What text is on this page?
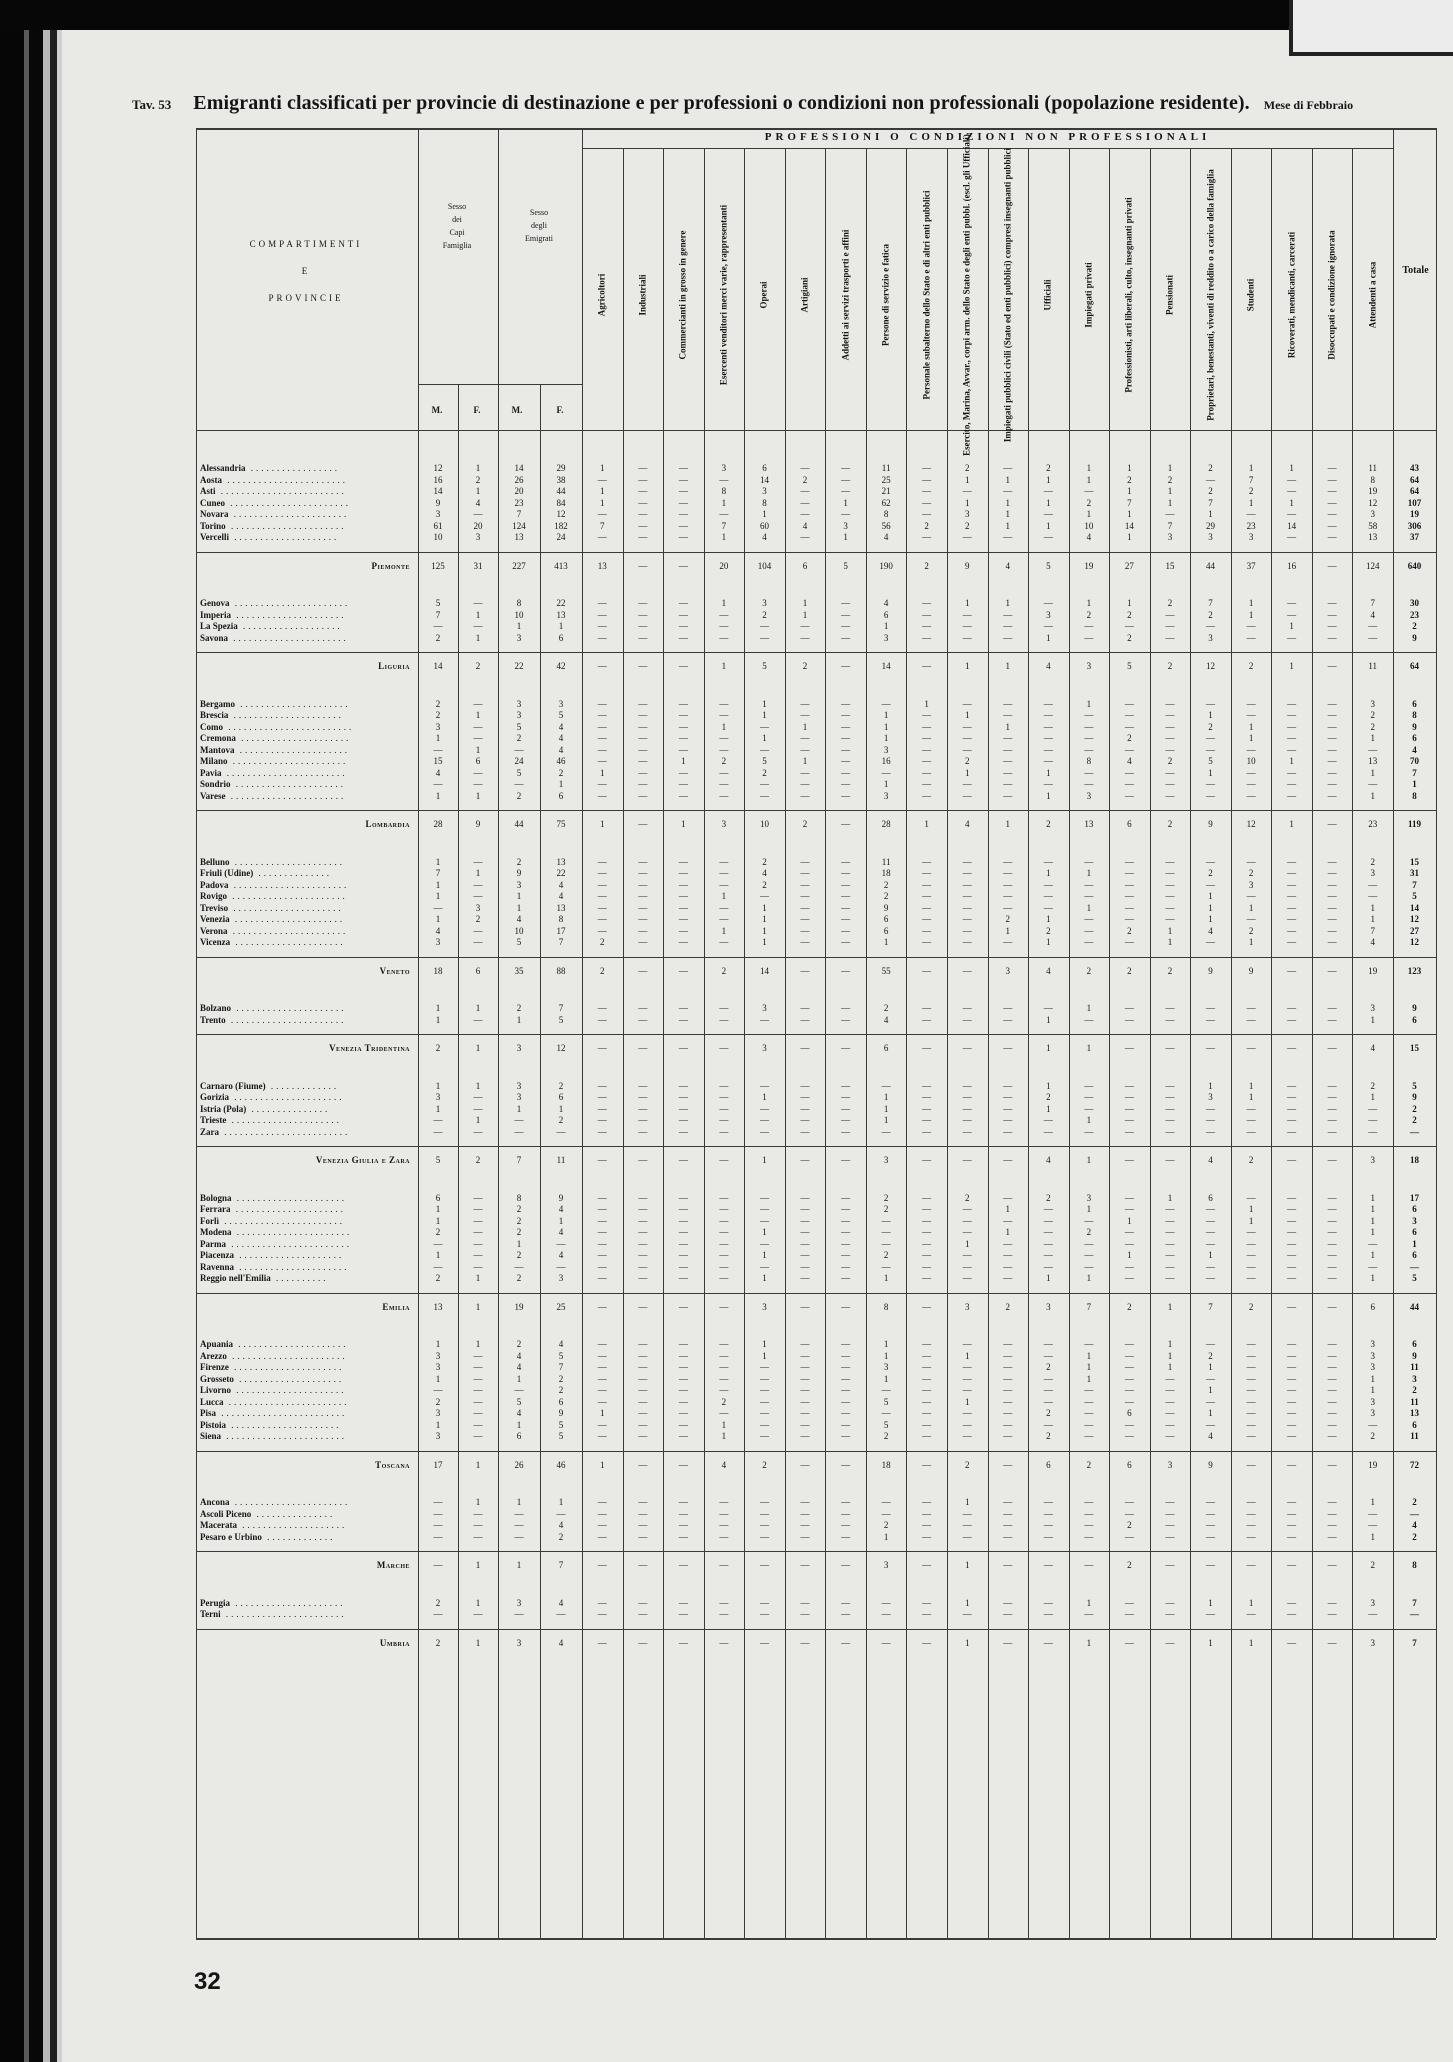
Tav. 53 Emigranti classificati per provincie di destinazione e per professioni o condizioni non professionali (popolazione residente). Mese di Febbraio
COMPARTIMENTI
E
PROVINCIE
Sesso
dei
Capi
Famiglia
Sesso
degli
Emigrati
M.	F.	M.	F.
PROFESSIONI O CONDIZIONI NON PROFESSIONALI
Agricoltori	Industriali	Commercianti in grosso in genere	Esercenti venditori merci varie, rappresentanti	Operai	Artigiani	Addetti ai servizi trasporti e affini	Persone di servizio e fatica	Personale subalterno dello Stato e di altri enti pubblici	Esercito, Marina, Avvar., corpi arm. dello Stato e degli enti pubbl. (escl. gli Ufficiali)	Impiegati pubblici civili (Stato ed enti pubblici) compresi insegnanti pubblici	Ufficiali	Impiegati privati	Professionisti, arti liberali, culto, insegnanti privati	Pensionati	Proprietari, benestanti, viventi di reddito o a carico della famiglia	Studenti	Ricoverati, mendicanti, carcerati	Disoccupati e condizione ignorata	Attendenti a casa	Totale
Alessandria .................	12	1	14	29	1	—	—	3	6	—	—	11	—	2	—	2	1	1	1	2	1	1	—	11	43
Aosta .......................	16	2	26	38	—	—	—	—	14	2	—	25	—	1	1	1	1	2	2	—	7	—	—	8	64
Asti ........................	14	1	20	44	1	—	—	8	3	—	—	21	—	—	—	—	—	1	1	2	2	—	—	19	64
Cuneo .......................	9	4	23	84	1	—	—	1	8	—	1	62	—	1	1	1	2	7	1	7	1	1	—	12	107
Novara ......................	3	—	7	12	—	—	—	—	1	—	—	8	—	3	1	—	1	1	—	1	—	—	—	3	19
Torino ......................	61	20	124	182	7	—	—	7	60	4	3	56	2	2	1	1	10	14	7	29	23	14	—	58	306
Vercelli ....................	10	3	13	24	—	—	—	1	4	—	1	4	—	—	—	—	4	1	3	3	3	—	—	13	37
Piemonte	125	31	227	413	13	—	—	20	104	6	5	190	2	9	4	5	19	27	15	44	37	16	—	124	640
Genova ......................	5	—	8	22	—	—	—	1	3	1	—	4	—	1	1	—	1	1	2	7	1	—	—	7	30
Imperia .....................	7	1	10	13	—	—	—	—	2	1	—	6	—	—	—	3	2	2	—	2	1	—	—	4	23
La Spezia ...................	—	—	1	1	—	—	—	—	—	—	—	1	—	—	—	—	—	—	—	—	—	1	—	—	2
Savona ......................	2	1	3	6	—	—	—	—	—	—	—	3	—	—	—	1	—	2	—	3	—	—	—	—	9
Liguria	14	2	22	42	—	—	—	1	5	2	—	14	—	1	1	4	3	5	2	12	2	1	—	11	64
Bergamo .....................	2	—	3	3	—	—	—	—	1	—	—	—	1	—	—	—	1	—	—	—	—	—	—	3	6
Brescia .....................	2	1	3	5	—	—	—	—	1	—	—	1	—	1	—	—	—	—	—	1	—	—	—	2	8
Como ........................	3	—	5	4	—	—	—	1	—	1	—	1	—	—	1	—	—	—	—	2	1	—	—	2	9
Cremona .....................	1	—	2	4	—	—	—	—	1	—	—	1	—	—	—	—	—	2	—	—	1	—	—	1	6
Mantova .....................	—	1	—	4	—	—	—	—	—	—	—	3	—	—	—	—	—	—	—	—	—	—	—	—	4
Milano ......................	15	6	24	46	—	—	1	2	5	1	—	16	—	2	—	—	8	4	2	5	10	1	—	13	70
Pavia .......................	4	—	5	2	1	—	—	—	2	—	—	—	—	1	—	1	—	—	—	1	—	—	—	1	7
Sondrio .....................	—	—	—	1	—	—	—	—	—	—	—	1	—	—	—	—	—	—	—	—	—	—	—	—	1
Varese ......................	1	1	2	6	—	—	—	—	—	—	—	3	—	—	—	1	3	—	—	—	—	—	—	1	8
Lombardia	28	9	44	75	1	—	1	3	10	2	—	28	1	4	1	2	13	6	2	9	12	1	—	23	119
Belluno .....................	1	—	2	13	—	—	—	—	2	—	—	11	—	—	—	—	—	—	—	—	—	—	—	2	15
Friuli (Udine) ..............	7	1	9	22	—	—	—	—	4	—	—	18	—	—	—	1	1	—	—	2	2	—	—	3	31
Padova ......................	1	—	3	4	—	—	—	—	2	—	—	2	—	—	—	—	—	—	—	—	3	—	—	—	7
Rovigo ......................	1	—	1	4	—	—	—	1	—	—	—	2	—	—	—	—	—	—	—	1	—	—	—	—	5
Treviso .....................	—	3	1	13	—	—	—	—	1	—	—	9	—	—	—	—	1	—	—	1	1	—	—	1	14
Venezia .....................	1	2	4	8	—	—	—	—	1	—	—	6	—	—	2	1	—	—	—	1	—	—	—	1	12
Verona ......................	4	—	10	17	—	—	—	1	1	—	—	6	—	—	1	2	—	2	1	4	2	—	—	7	27
Vicenza .....................	3	—	5	7	2	—	—	—	1	—	—	1	—	—	—	1	—	—	1	—	1	—	—	4	12
Veneto	18	6	35	88	2	—	—	2	14	—	—	55	—	—	3	4	2	2	2	9	9	—	—	19	123
Bolzano .....................	1	1	2	7	—	—	—	—	3	—	—	2	—	—	—	—	1	—	—	—	—	—	—	3	9
Trento ......................	1	—	1	5	—	—	—	—	—	—	—	4	—	—	—	1	—	—	—	—	—	—	—	1	6
Venezia Tridentina	2	1	3	12	—	—	—	—	3	—	—	6	—	—	—	1	1	—	—	—	—	—	—	4	15
Carnaro (Fiume) .............	1	1	3	2	—	—	—	—	—	—	—	—	—	—	—	1	—	—	—	1	1	—	—	2	5
Gorizia .....................	3	—	3	6	—	—	—	—	1	—	—	1	—	—	—	2	—	—	—	3	1	—	—	1	9
Istria (Pola) ...............	1	—	1	1	—	—	—	—	—	—	—	1	—	—	—	1	—	—	—	—	—	—	—	—	2
Trieste .....................	—	1	—	2	—	—	—	—	—	—	—	1	—	—	—	—	1	—	—	—	—	—	—	—	2
Zara ........................	—	—	—	—	—	—	—	—	—	—	—	—	—	—	—	—	—	—	—	—	—	—	—	—	—
Venezia Giulia e Zara	5	2	7	11	—	—	—	—	1	—	—	3	—	—	—	4	1	—	—	4	2	—	—	3	18
Bologna .....................	6	—	8	9	—	—	—	—	—	—	—	2	—	2	—	2	3	—	1	6	—	—	—	1	17
Ferrara .....................	1	—	2	4	—	—	—	—	—	—	—	2	—	—	1	—	1	—	—	—	1	—	—	1	6
Forlì .......................	1	—	2	1	—	—	—	—	—	—	—	—	—	—	—	—	—	1	—	—	1	—	—	1	3
Modena ......................	2	—	2	4	—	—	—	—	1	—	—	—	—	—	1	—	2	—	—	—	—	—	—	1	6
Parma .......................	—	—	1	—	—	—	—	—	—	—	—	—	—	1	—	—	—	—	—	—	—	—	—	—	1
Piacenza ....................	1	—	2	4	—	—	—	—	1	—	—	2	—	—	—	—	—	1	—	1	—	—	—	1	6
Ravenna .....................	—	—	—	—	—	—	—	—	—	—	—	—	—	—	—	—	—	—	—	—	—	—	—	—	—
Reggio nell'Emilia ..........	2	1	2	3	—	—	—	—	1	—	—	1	—	—	—	1	1	—	—	—	—	—	—	1	5
Emilia	13	1	19	25	—	—	—	—	3	—	—	8	—	3	2	3	7	2	1	7	2	—	—	6	44
Apuania .....................	1	1	2	4	—	—	—	—	1	—	—	1	—	—	—	—	—	—	1	—	—	—	—	3	6
Arezzo ......................	3	—	4	5	—	—	—	—	1	—	—	1	—	1	—	—	1	—	1	2	—	—	—	3	9
Firenze .....................	3	—	4	7	—	—	—	—	—	—	—	3	—	—	—	2	1	—	1	1	—	—	—	3	11
Grosseto ....................	1	—	1	2	—	—	—	—	—	—	—	1	—	—	—	—	1	—	—	—	—	—	—	1	3
Livorno .....................	—	—	—	2	—	—	—	—	—	—	—	—	—	—	—	—	—	—	—	1	—	—	—	1	2
Lucca .......................	2	—	5	6	—	—	—	2	—	—	—	5	—	1	—	—	—	—	—	—	—	—	—	3	11
Pisa ........................	3	—	4	9	1	—	—	—	—	—	—	—	—	—	—	2	—	6	—	1	—	—	—	3	13
Pistoia .....................	1	—	1	5	—	—	—	1	—	—	—	5	—	—	—	—	—	—	—	—	—	—	—	—	6
Siena .......................	3	—	6	5	—	—	—	1	—	—	—	2	—	—	—	2	—	—	—	4	—	—	—	2	11
Toscana	17	1	26	46	1	—	—	4	2	—	—	18	—	2	—	6	2	6	3	9	—	—	—	19	72
Ancona ......................	—	1	1	1	—	—	—	—	—	—	—	—	—	1	—	—	—	—	—	—	—	—	—	1	2
Ascoli Piceno ...............	—	—	—	—	—	—	—	—	—	—	—	—	—	—	—	—	—	—	—	—	—	—	—	—	—
Macerata ....................	—	—	—	4	—	—	—	—	—	—	—	2	—	—	—	—	—	2	—	—	—	—	—	—	4
Pesaro e Urbino .............	—	—	—	2	—	—	—	—	—	—	—	1	—	—	—	—	—	—	—	—	—	—	—	1	2
Marche	—	1	1	7	—	—	—	—	—	—	—	3	—	1	—	—	—	2	—	—	—	—	—	2	8
Perugia .....................	2	1	3	4	—	—	—	—	—	—	—	—	—	1	—	—	1	—	—	1	1	—	—	3	7
Terni .......................	—	—	—	—	—	—	—	—	—	—	—	—	—	—	—	—	—	—	—	—	—	—	—	—	—
Umbria	2	1	3	4	—	—	—	—	—	—	—	—	—	1	—	—	1	—	—	1	1	—	—	3	7
32
